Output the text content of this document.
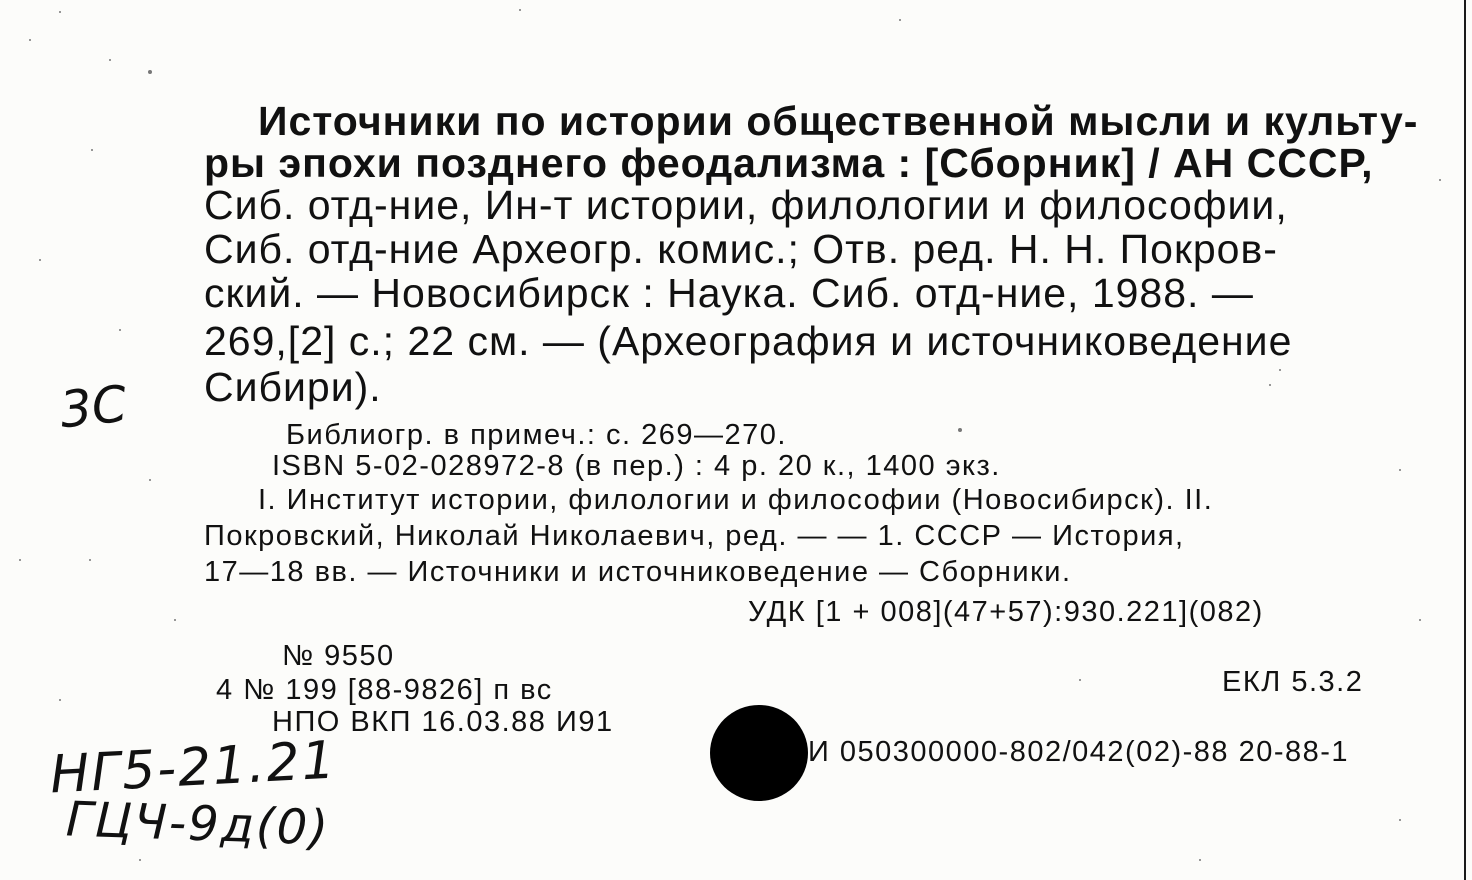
Источники по истории общественной мысли и культу-

ры эпохи позднего феодализма : [Сборник] / АН СССР,

Сиб. отд-ние, Ин-т истории, филологии и философии,

Сиб. отд-ние Археогр. комис.; Отв. ред. Н. Н. Покров-

ский. — Новосибирск : Наука. Сиб. отд-ние, 1988. —

269,[2] с.; 22 см. — (Археография и источниковедение

Сибири).

Библиогр. в примеч.: с. 269—270.

ISBN 5-02-028972-8 (в пер.) : 4 р. 20 к., 1400 экз.

I. Институт истории, филологии и философии (Новосибирск). II.

Покровский, Николай Николаевич, ред. — — 1. СССР — История,

17—18 вв. — Источники и источниковедение — Сборники.

УДК [1 + 008](47+57):930.221](082)

№ 9550

4 № 199 [88-9826] п вс

НПО ВКП 16.03.88 И91

ЕКЛ 5.3.2

И 050300000-802/042(02)-88 20-88-1

3С
НГ5-21.21
ГЦЧ-9д(0)
